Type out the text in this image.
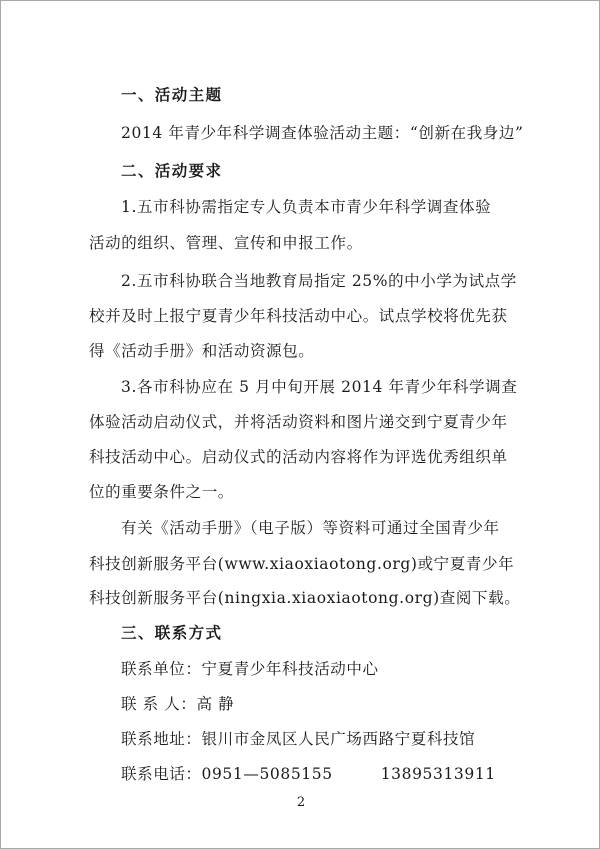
一、活动主题
2014 年青少年科学调查体验活动主题：“创新在我身边”
二、活动要求
1.五市科协需指定专人负责本市青少年科学调查体验
活动的组织、管理、宣传和申报工作。
2.五市科协联合当地教育局指定 25%的中小学为试点学
校并及时上报宁夏青少年科技活动中心。试点学校将优先获
得《活动手册》和活动资源包。
3.各市科协应在 5 月中旬开展 2014 年青少年科学调查
体验活动启动仪式，并将活动资料和图片递交到宁夏青少年
科技活动中心。启动仪式的活动内容将作为评选优秀组织单
位的重要条件之一。
有关《活动手册》（电子版）等资料可通过全国青少年
科技创新服务平台(www.xiaoxiaotong.org)或宁夏青少年
科技创新服务平台(ningxia.xiaoxiaotong.org)查阅下载。
三、联系方式
联系单位：宁夏青少年科技活动中心
联 系 人：高 静
联系地址：银川市金凤区人民广场西路宁夏科技馆
联系电话：0951—5085155	13895313911
2
